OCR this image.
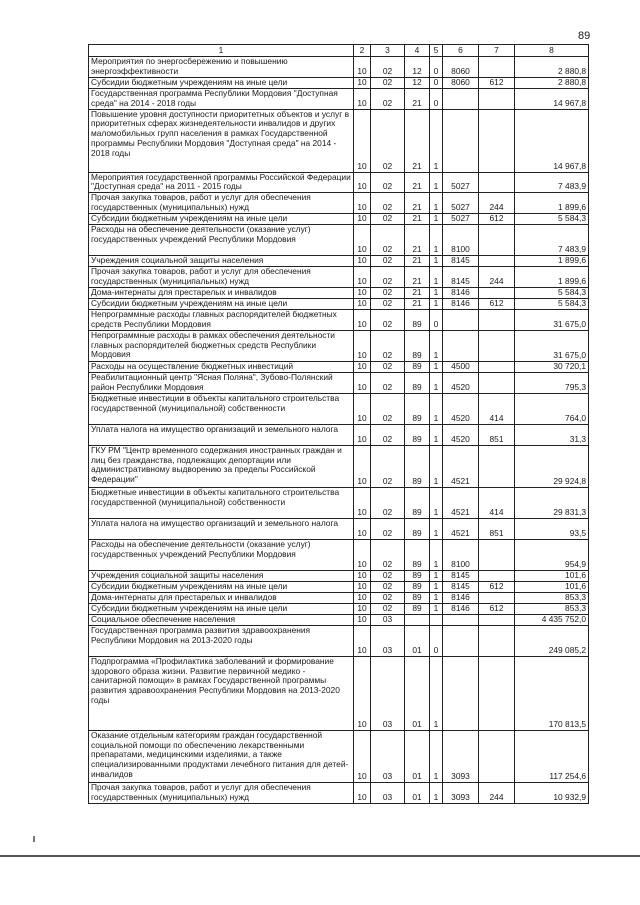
89
1	2	3	4	5	6	7	8
Мероприятия по энергосбережению и повышению энергоэффективности	10	02	12	0	8060		2 880,8
Субсидии бюджетным учреждениям на иные цели	10	02	12	0	8060	612	2 880,8
Государственная программа Республики Мордовия "Доступная среда" на 2014 - 2018 годы	10	02	21	0			14 967,8
Повышение уровня доступности приоритетных объектов и услуг в приоритетных сферах жизнедеятельности инвалидов и других маломобильных групп населения в рамках Государственной программы Республики Мордовия "Доступная среда" на 2014 - 2018 годы	10	02	21	1			14 967,8
Мероприятия государственной программы Российской Федерации "Доступная среда" на 2011 - 2015 годы	10	02	21	1	5027		7 483,9
Прочая закупка товаров, работ и услуг для обеспечения государственных (муниципальных) нужд	10	02	21	1	5027	244	1 899,6
Субсидии бюджетным учреждениям на иные цели	10	02	21	1	5027	612	5 584,3
Расходы на обеспечение деятельности (оказание услуг) государственных учреждений Республики Мордовия	10	02	21	1	8100		7 483,9
Учреждения социальной защиты населения	10	02	21	1	8145		1 899,6
Прочая закупка товаров, работ и услуг для обеспечения государственных (муниципальных) нужд	10	02	21	1	8145	244	1 899,6
Дома-интернаты для престарелых и инвалидов	10	02	21	1	8146		5 584,3
Субсидии бюджетным учреждениям на иные цели	10	02	21	1	8146	612	5 584,3
Непрограммные расходы главных распорядителей бюджетных средств Республики Мордовия	10	02	89	0			31 675,0
Непрограммные расходы в рамках обеспечения деятельности главных распорядителей бюджетных средств Республики Мордовия	10	02	89	1			31 675,0
Расходы на осуществление бюджетных инвестиций	10	02	89	1	4500		30 720,1
Реабилитационный центр "Ясная Поляна", Зубово-Полянский район Республики Мордовия	10	02	89	1	4520		795,3
Бюджетные инвестиции в объекты капитального строительства государственной (муниципальной) собственности	10	02	89	1	4520	414	764,0
Уплата налога на имущество организаций и земельного налога	10	02	89	1	4520	851	31,3
ГКУ РМ "Центр временного содержания иностранных граждан и лиц без гражданства, подлежащих депортации или административному выдворению за пределы Российской Федерации"	10	02	89	1	4521		29 924,8
Бюджетные инвестиции в объекты капитального строительства государственной (муниципальной) собственности	10	02	89	1	4521	414	29 831,3
Уплата налога на имущество организаций и земельного налога	10	02	89	1	4521	851	93,5
Расходы на обеспечение деятельности (оказание услуг) государственных учреждений Республики Мордовия	10	02	89	1	8100		954,9
Учреждения социальной защиты населения	10	02	89	1	8145		101,6
Субсидии бюджетным учреждениям на иные цели	10	02	89	1	8145	612	101,6
Дома-интернаты для престарелых и инвалидов	10	02	89	1	8146		853,3
Субсидии бюджетным учреждениям на иные цели	10	02	89	1	8146	612	853,3
Социальное обеспечение населения	10	03					4 435 752,0
Государственная программа развития здравоохранения Республики Мордовия на 2013-2020 годы	10	03	01	0			249 085,2
Подпрограмма «Профилактика заболеваний и формирование здорового образа жизни. Развитие первичной медико - санитарной помощи» в рамках Государственной программы развития здравоохранения Республики Мордовия на 2013-2020 годы	10	03	01	1			170 813,5
Оказание отдельным категориям граждан государственной социальной помощи по обеспечению лекарственными препаратами, медицинскими изделиями, а также специализированными продуктами лечебного питания для детей-инвалидов	10	03	01	1	3093		117 254,6
Прочая закупка товаров, работ и услуг для обеспечения государственных (муниципальных) нужд	10	03	01	1	3093	244	10 932,9
